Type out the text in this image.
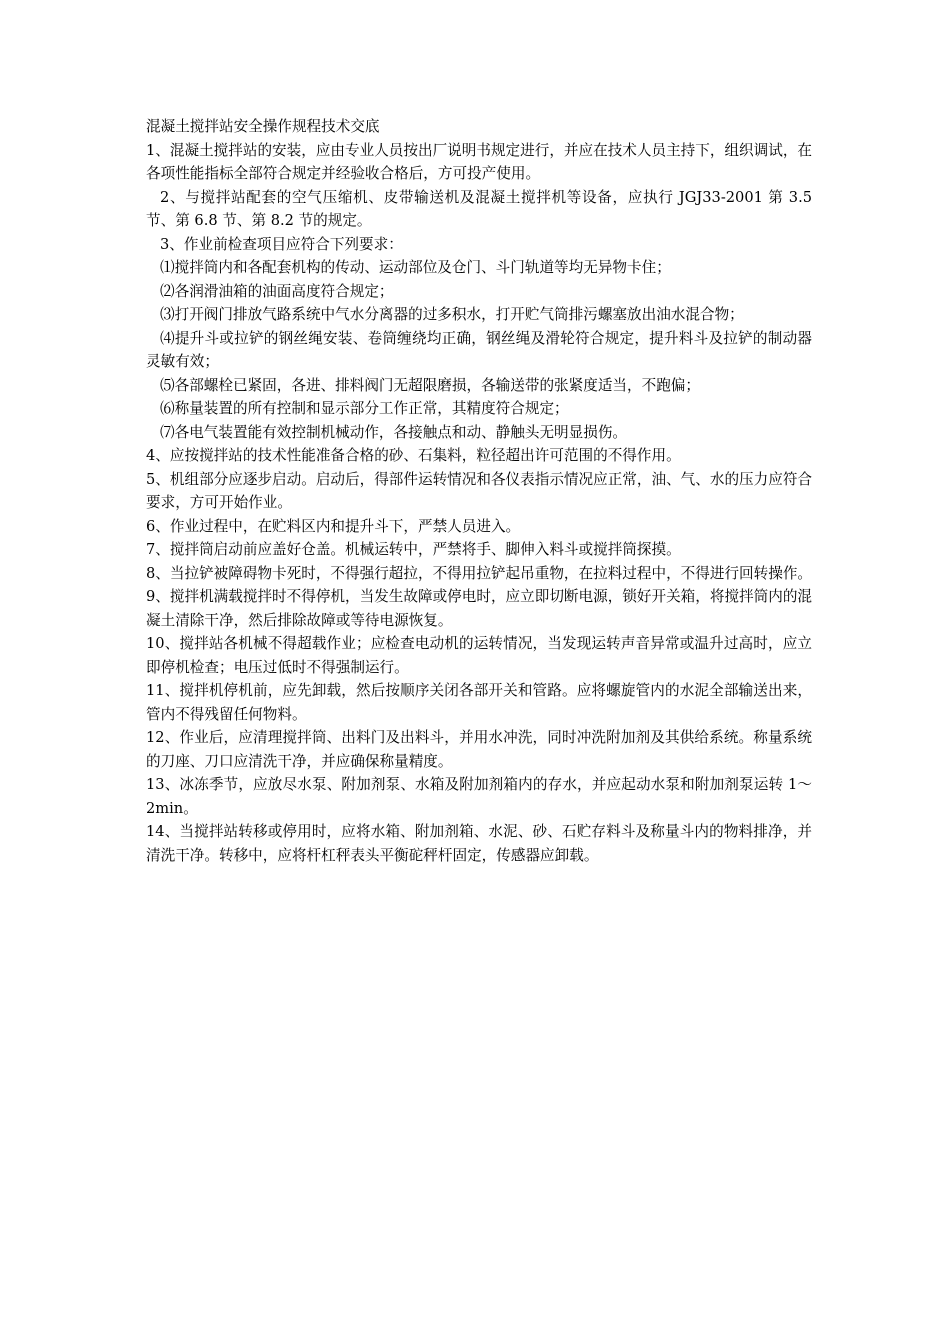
混凝土搅拌站安全操作规程技术交底

1、混凝土搅拌站的安装，应由专业人员按出厂说明书规定进行，并应在技术人员主持下，组织调试，在各项性能指标全部符合规定并经验收合格后，方可投产使用。

2、与搅拌站配套的空气压缩机、皮带输送机及混凝土搅拌机等设备，应执行 JGJ33-2001 第 3.5 节、第 6.8 节、第 8.2 节的规定。

3、作业前检查项目应符合下列要求：

⑴搅拌筒内和各配套机构的传动、运动部位及仓门、斗门轨道等均无异物卡住；

⑵各润滑油箱的油面高度符合规定；

⑶打开阀门排放气路系统中气水分离器的过多积水，打开贮气筒排污螺塞放出油水混合物；

⑷提升斗或拉铲的钢丝绳安装、卷筒缠绕均正确，钢丝绳及滑轮符合规定，提升料斗及拉铲的制动器灵敏有效；

⑸各部螺栓已紧固，各进、排料阀门无超限磨损，各输送带的张紧度适当，不跑偏；

⑹称量装置的所有控制和显示部分工作正常，其精度符合规定；

⑺各电气装置能有效控制机械动作，各接触点和动、静触头无明显损伤。

4、应按搅拌站的技术性能准备合格的砂、石集料，粒径超出许可范围的不得作用。

5、机组部分应逐步启动。启动后，得部件运转情况和各仪表指示情况应正常，油、气、水的压力应符合要求，方可开始作业。

6、作业过程中，在贮料区内和提升斗下，严禁人员进入。

7、搅拌筒启动前应盖好仓盖。机械运转中，严禁将手、脚伸入料斗或搅拌筒探摸。

8、当拉铲被障碍物卡死时，不得强行超拉，不得用拉铲起吊重物，在拉料过程中，不得进行回转操作。

9、搅拌机满载搅拌时不得停机，当发生故障或停电时，应立即切断电源，锁好开关箱，将搅拌筒内的混凝土清除干净，然后排除故障或等待电源恢复。

10、搅拌站各机械不得超载作业；应检查电动机的运转情况，当发现运转声音异常或温升过高时，应立即停机检查；电压过低时不得强制运行。

11、搅拌机停机前，应先卸载，然后按顺序关闭各部开关和管路。应将螺旋管内的水泥全部输送出来，管内不得残留任何物料。

12、作业后，应清理搅拌筒、出料门及出料斗，并用水冲洗，同时冲洗附加剂及其供给系统。称量系统的刀座、刀口应清洗干净，并应确保称量精度。

13、冰冻季节，应放尽水泵、附加剂泵、水箱及附加剂箱内的存水，并应起动水泵和附加剂泵运转 1～2min。

14、当搅拌站转移或停用时，应将水箱、附加剂箱、水泥、砂、石贮存料斗及称量斗内的物料排净，并清洗干净。转移中，应将杆杠秤表头平衡砣秤杆固定，传感器应卸载。
